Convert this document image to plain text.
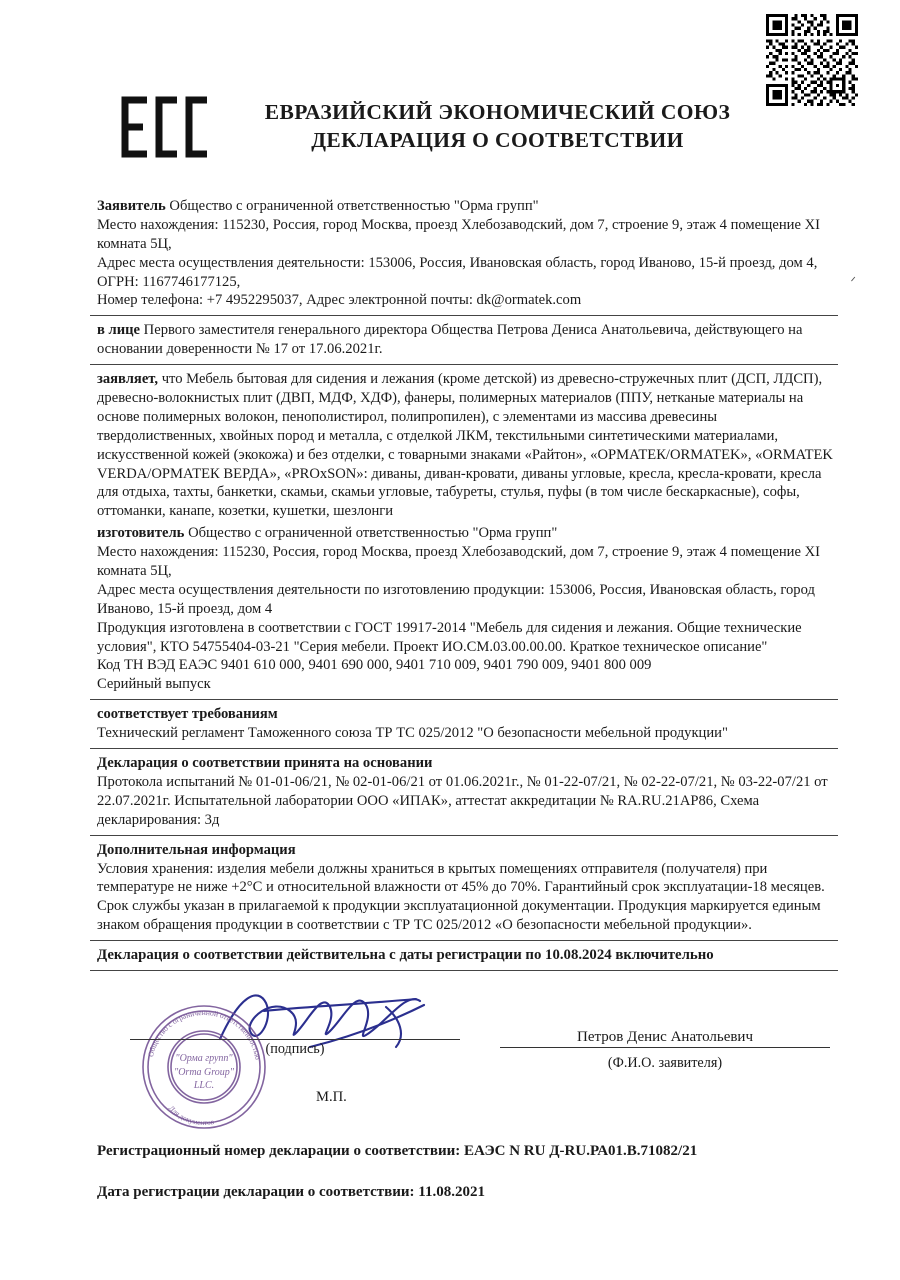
ЕВРАЗИЙСКИЙ ЭКОНОМИЧЕСКИЙ СОЮЗ
ДЕКЛАРАЦИЯ О СООТВЕТСТВИИ
ᐟ

Заявитель Общество с ограниченной ответственностью "Орма групп"

Место нахождения: 115230, Россия, город Москва, проезд Хлебозаводский, дом 7, строение 9, этаж 4 помещение XI комната 5Ц,

Адрес места осуществления деятельности: 153006, Россия, Ивановская область, город Иваново, 15-й проезд, дом 4, ОГРН: 1167746177125,

Номер телефона: +7 4952295037, Адрес электронной почты: dk@ormatek.com

в лице Первого заместителя генерального директора Общества Петрова Дениса Анатольевича, действующего на основании доверенности № 17 от 17.06.2021г.

заявляет, что Мебель бытовая для сидения и лежания (кроме детской) из древесно-стружечных плит (ДСП, ЛДСП), древесно-волокнистых плит (ДВП, МДФ, ХДФ), фанеры, полимерных материалов (ППУ, нетканые материалы на основе полимерных волокон, пенополистирол, полипропилен), с элементами из массива древесины твердолиственных, хвойных пород и металла, с отделкой ЛКМ, текстильными синтетическими материалами, искусственной кожей (экокожа) и без отделки, с товарными знаками «Райтон», «ОРМАТЕК/ORMATEK», «ORMATEK VERDA/ОРМАТЕК ВЕРДА», «PROxSON»: диваны, диван-кровати, диваны угловые, кресла, кресла-кровати, кресла для отдыха, тахты, банкетки, скамьи, скамьи угловые, табуреты, стулья, пуфы (в том числе бескаркасные), софы, оттоманки, канапе, козетки, кушетки, шезлонги

изготовитель Общество с ограниченной ответственностью "Орма групп"

Место нахождения: 115230, Россия, город Москва, проезд Хлебозаводский, дом 7, строение 9, этаж 4 помещение XI комната 5Ц,

Адрес места осуществления деятельности по изготовлению продукции: 153006, Россия, Ивановская область, город Иваново, 15-й проезд, дом 4

Продукция изготовлена в соответствии с ГОСТ 19917-2014 "Мебель для сидения и лежания. Общие технические условия", КТО 54755404-03-21 "Серия мебели. Проект ИО.СМ.03.00.00.00. Краткое техническое описание"

Код ТН ВЭД ЕАЭС 9401 610 000, 9401 690 000, 9401 710 009, 9401 790 009, 9401 800 009

Серийный выпуск

соответствует требованиям

Технический регламент Таможенного союза ТР ТС 025/2012 "О безопасности мебельной продукции"

Декларация о соответствии принята на основании

Протокола испытаний № 01-01-06/21, № 02-01-06/21 от 01.06.2021г., № 01-22-07/21, № 02-22-07/21, № 03-22-07/21 от 22.07.2021г. Испытательной лаборатории ООО «ИПАК», аттестат аккредитации № RA.RU.21АР86, Схема декларирования: 3д

Дополнительная информация

Условия хранения: изделия мебели должны храниться в крытых помещениях отправителя (получателя) при температуре не ниже +2°С и относительной влажности от 45% до 70%. Гарантийный срок эксплуатации-18 месяцев. Срок службы указан в прилагаемой к продукции эксплуатационной документации. Продукция маркируется единым знаком обращения продукции в соответствии с ТР ТС 025/2012 «О безопасности мебельной продукции».

Декларация о соответствии действительна с даты регистрации по 10.08.2024 включительно

Общество с ограниченной ответственностью
Для документов
"Орма групп"
"Orma Group"
LLC.
(подпись)
М.П.
Петров Денис Анатольевич
(Ф.И.О. заявителя)
Регистрационный номер декларации о соответствии: ЕАЭС N RU Д-RU.РА01.В.71082/21
Дата регистрации декларации о соответствии: 11.08.2021
